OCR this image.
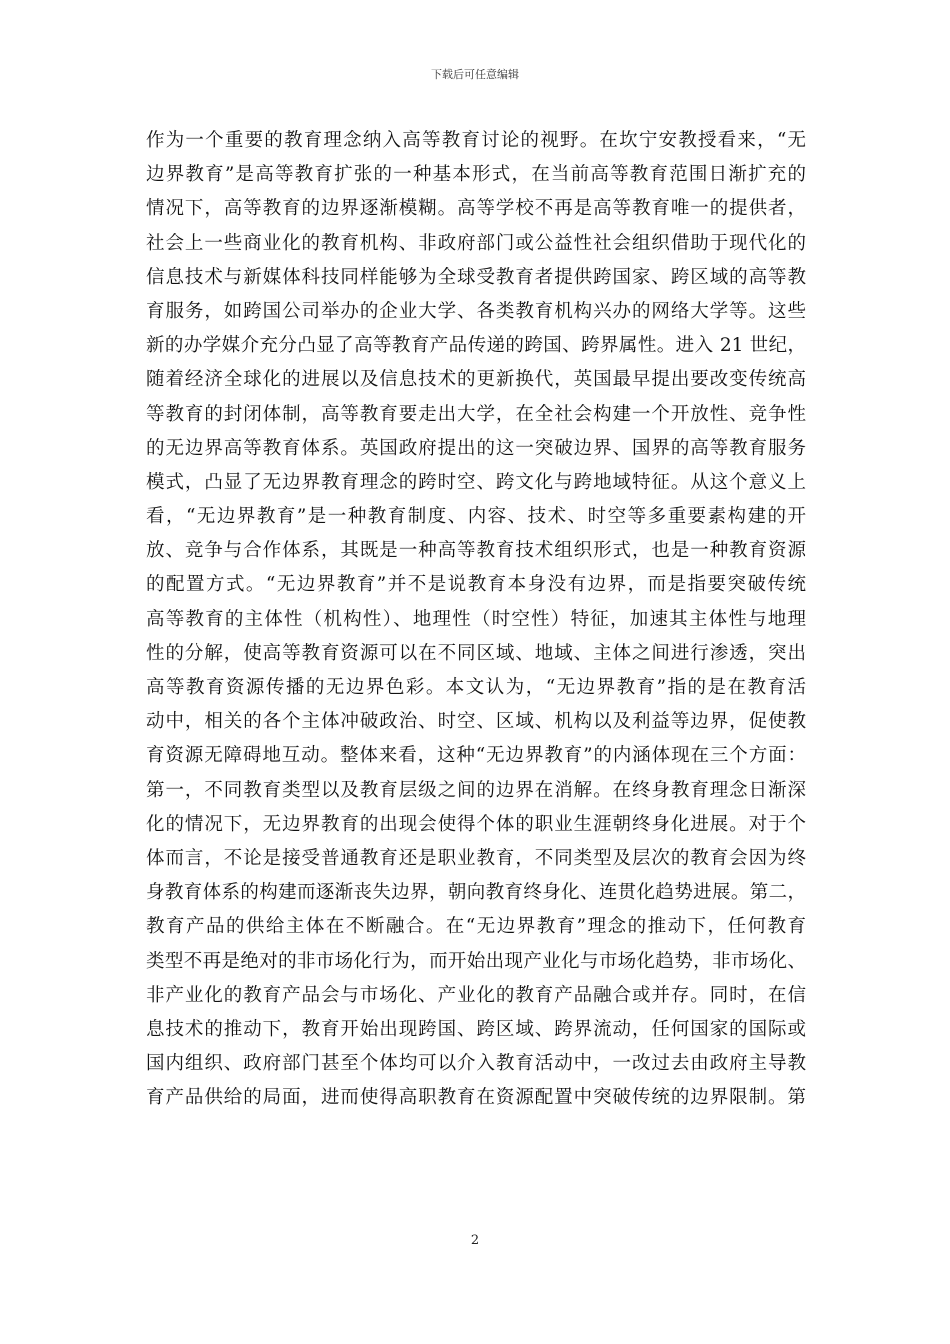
下载后可任意编辑
作为一个重要的教育理念纳入高等教育讨论的视野。在坎宁安教授看来，“无
边界教育”是高等教育扩张的一种基本形式，在当前高等教育范围日渐扩充的
情况下，高等教育的边界逐渐模糊。高等学校不再是高等教育唯一的提供者，
社会上一些商业化的教育机构、非政府部门或公益性社会组织借助于现代化的
信息技术与新媒体科技同样能够为全球受教育者提供跨国家、跨区域的高等教
育服务，如跨国公司举办的企业大学、各类教育机构兴办的网络大学等。这些
新的办学媒介充分凸显了高等教育产品传递的跨国、跨界属性。进入 21 世纪，
随着经济全球化的进展以及信息技术的更新换代，英国最早提出要改变传统高
等教育的封闭体制，高等教育要走出大学，在全社会构建一个开放性、竞争性
的无边界高等教育体系。英国政府提出的这一突破边界、国界的高等教育服务
模式，凸显了无边界教育理念的跨时空、跨文化与跨地域特征。从这个意义上
看，“无边界教育”是一种教育制度、内容、技术、时空等多重要素构建的开
放、竞争与合作体系，其既是一种高等教育技术组织形式，也是一种教育资源
的配置方式。“无边界教育”并不是说教育本身没有边界，而是指要突破传统
高等教育的主体性（机构性）、地理性（时空性）特征，加速其主体性与地理
性的分解，使高等教育资源可以在不同区域、地域、主体之间进行渗透，突出
高等教育资源传播的无边界色彩。本文认为，“无边界教育”指的是在教育活
动中，相关的各个主体冲破政治、时空、区域、机构以及利益等边界，促使教
育资源无障碍地互动。整体来看，这种“无边界教育”的内涵体现在三个方面：
第一，不同教育类型以及教育层级之间的边界在消解。在终身教育理念日渐深
化的情况下，无边界教育的出现会使得个体的职业生涯朝终身化进展。对于个
体而言，不论是接受普通教育还是职业教育，不同类型及层次的教育会因为终
身教育体系的构建而逐渐丧失边界，朝向教育终身化、连贯化趋势进展。第二，
教育产品的供给主体在不断融合。在“无边界教育”理念的推动下，任何教育
类型不再是绝对的非市场化行为，而开始出现产业化与市场化趋势，非市场化、
非产业化的教育产品会与市场化、产业化的教育产品融合或并存。同时，在信
息技术的推动下，教育开始出现跨国、跨区域、跨界流动，任何国家的国际或
国内组织、政府部门甚至个体均可以介入教育活动中，一改过去由政府主导教
育产品供给的局面，进而使得高职教育在资源配置中突破传统的边界限制。第
2
